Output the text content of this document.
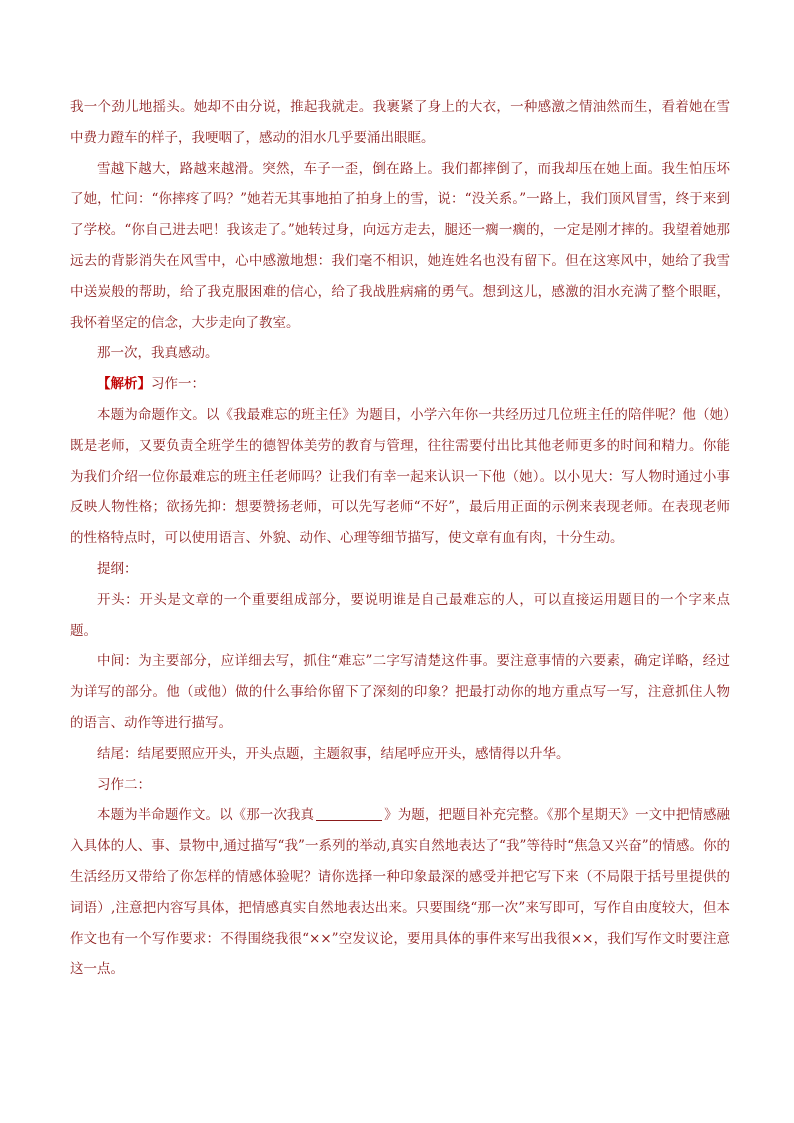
我一个劲儿地摇头。她却不由分说，推起我就走。我裹紧了身上的大衣，一种感激之情油然而生，看着她在雪中费力蹬车的样子，我哽咽了，感动的泪水几乎要涌出眼眶。

雪越下越大，路越来越滑。突然，车子一歪，倒在路上。我们都摔倒了，而我却压在她上面。我生怕压坏了她，忙问：“你摔疼了吗？”她若无其事地拍了拍身上的雪，说：“没关系。”一路上，我们顶风冒雪，终于来到了学校。“你自己进去吧！我该走了。”她转过身，向远方走去，腿还一瘸一瘸的，一定是刚才摔的。我望着她那远去的背影消失在风雪中，心中感激地想：我们毫不相识，她连姓名也没有留下。但在这寒风中，她给了我雪中送炭般的帮助，给了我克服困难的信心，给了我战胜病痛的勇气。想到这儿，感激的泪水充满了整个眼眶，我怀着坚定的信念，大步走向了教室。

那一次，我真感动。

【解析】习作一：

本题为命题作文。以《我最难忘的班主任》为题目，小学六年你一共经历过几位班主任的陪伴呢？他（她）既是老师，又要负责全班学生的德智体美劳的教育与管理，往往需要付出比其他老师更多的时间和精力。你能为我们介绍一位你最难忘的班主任老师吗？让我们有幸一起来认识一下他（她）。以小见大：写人物时通过小事反映人物性格；欲扬先抑：想要赞扬老师，可以先写老师“不好”，最后用正面的示例来表现老师。在表现老师的性格特点时，可以使用语言、外貌、动作、心理等细节描写，使文章有血有肉，十分生动。

提纲：

开头：开头是文章的一个重要组成部分，要说明谁是自己最难忘的人，可以直接运用题目的一个字来点题。

中间：为主要部分，应详细去写，抓住“难忘”二字写清楚这件事。要注意事情的六要素，确定详略，经过为详写的部分。他（或他）做的什么事给你留下了深刻的印象？把最打动你的地方重点写一写，注意抓住人物的语言、动作等进行描写。

结尾：结尾要照应开头，开头点题，主题叙事，结尾呼应开头，感情得以升华。

习作二：

本题为半命题作文。以《那一次我真	》为题，把题目补充完整。《那个星期天》一文中把情感融入具体的人、事、景物中,通过描写“我”一系列的举动,真实自然地表达了“我”等待时“焦急又兴奋”的情感。你的生活经历又带给了你怎样的情感体验呢？请你选择一种印象最深的感受并把它写下来（不局限于括号里提供的词语）,注意把内容写具体，把情感真实自然地表达出来。只要围绕“那一次”来写即可，写作自由度较大，但本作文也有一个写作要求：不得围绕我很“××”空发议论，要用具体的事件来写出我很××，我们写作文时要注意这一点。
